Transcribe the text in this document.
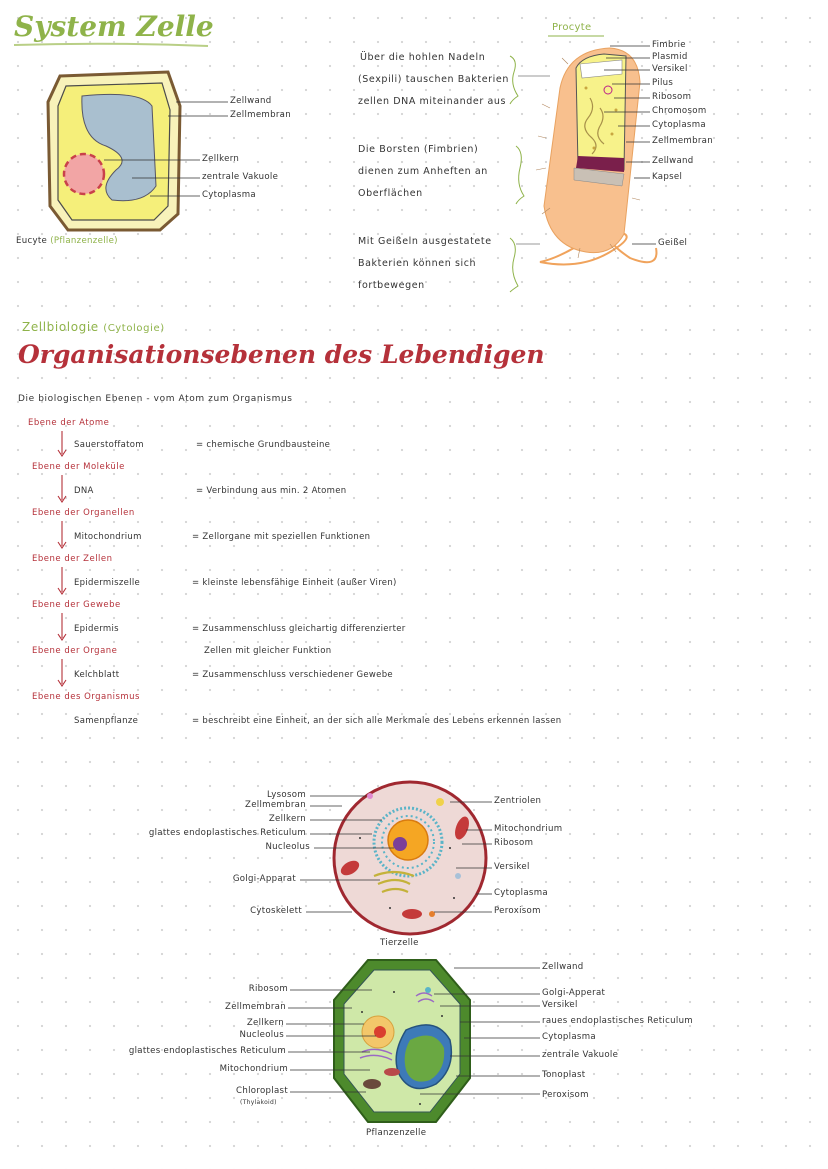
System Zelle
Zellwand
Zellmembran
Zellkern
zentrale Vakuole
Cytoplasma
Eucyte (Pflanzenzelle)
Procyte
Fimbrie
Plasmid
Versikel
Pilus
Ribosom
Chromosom
Cytoplasma
Zellmembran
Zellwand
Kapsel
Geißel
Über die hohlen Nadeln
(Sexpili) tauschen Bakterien
zellen DNA miteinander aus
Die Borsten (Fimbrien)
dienen zum Anheften an
Oberflächen
Mit Geißeln ausgestatete
Bakterien können sich
fortbewegen
Zellbiologie (Cytologie)
Organisationsebenen des Lebendigen
Die biologischen Ebenen - vom Atom zum Organismus
Ebene der Atome
Sauerstoffatom	= chemische Grundbausteine
Ebene der Moleküle
DNA	= Verbindung aus min. 2 Atomen
Ebene der Organellen
Mitochondrium	= Zellorgane mit speziellen Funktionen
Ebene der Zellen
Epidermiszelle	= kleinste lebensfähige Einheit (außer Viren)
Ebene der Gewebe
Epidermis	= Zusammenschluss gleichartig differenzierter
Zellen mit gleicher Funktion
Ebene der Organe
Kelchblatt	= Zusammenschluss verschiedener Gewebe
Ebene des Organismus
Samenpflanze	= beschreibt eine Einheit, an der sich alle Merkmale des Lebens erkennen lassen
Lysosom
Zellmembran
Zellkern
glattes endoplastisches Reticulum
Nucleolus
Golgi-Apparat
Cytoskelett
Zentriolen
Mitochondrium
Ribosom
Versikel
Cytoplasma
Peroxisom
Tierzelle
Ribosom
Zellmembran
Zellkern
Nucleolus
glattes endoplastisches Reticulum
Mitochondrium
Chloroplast
(Thylakoid)
Zellwand
Golgi-Apperat
Versikel
raues endoplastisches Reticulum
Cytoplasma
zentrale Vakuole
Tonoplast
Peroxisom
Pflanzenzelle
